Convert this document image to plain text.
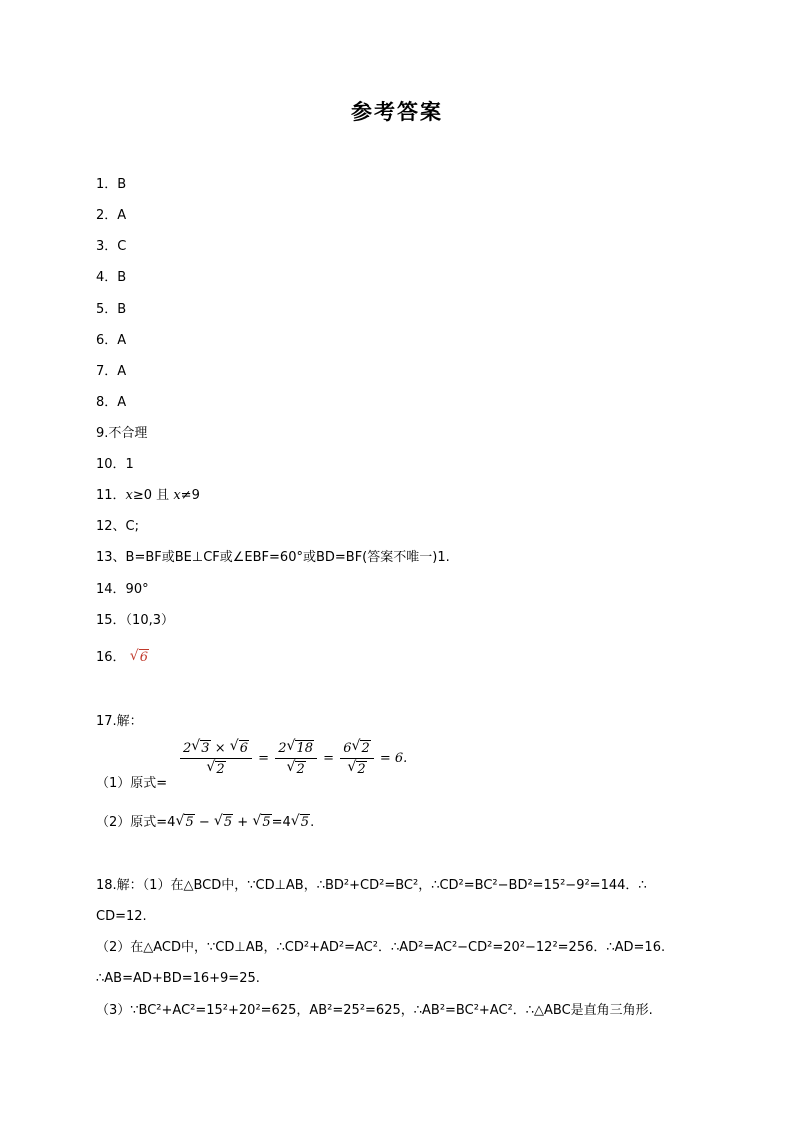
参考答案
1．B
2．A
3．C
4．B
5．B
6．A
7．A
8．A
9.不合理
10．1
11．x≥0 且 x≠9
12、C;
13、B=BF或BE⊥CF或∠EBF=60°或BD=BF(答案不唯一)1.
14．90°
15．（10,3）
16． √ 6
17.解：
（1）原式=
$\frac{2 √ 3 \times √ 6}{√ 2} = \frac{2 √ 18}{√ 2} = \frac{6 √ 2}{√ 2}$
= 6.
（2）原式=4 √ 5 − √ 5 + √ 5=4 √ 5.
18.解：（1）在△BCD中，∵CD⊥AB，∴BD²+CD²=BC²，∴CD²=BC²−BD²=15²−9²=144．∴
CD=12.
（2）在△ACD中，∵CD⊥AB，∴CD²+AD²=AC²．∴AD²=AC²−CD²=20²−12²=256．∴AD=16.
∴AB=AD+BD=16+9=25.
（3）∵BC²+AC²=15²+20²=625，AB²=25²=625，∴AB²=BC²+AC²．∴△ABC是直角三角形.
